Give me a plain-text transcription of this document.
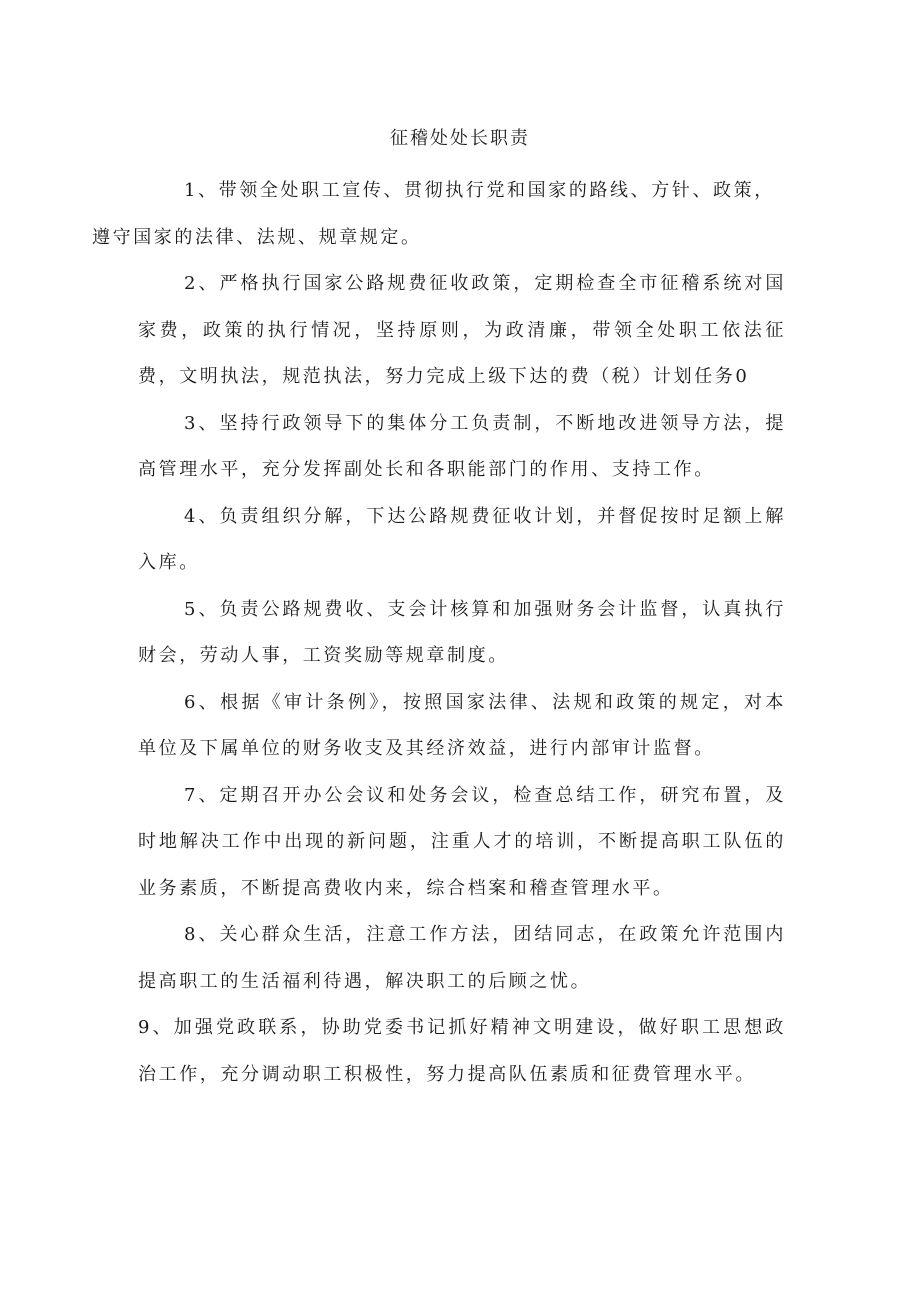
征稽处处长职责

1、带领全处职工宣传、贯彻执行党和国家的路线、方针、政策，
遵守国家的法律、法规、规章规定。

2、严格执行国家公路规费征收政策，定期检查全市征稽系统对国家费，政策的执行情况，坚持原则，为政清廉，带领全处职工依法征费，文明执法，规范执法，努力完成上级下达的费（税）计划任务0

3、坚持行政领导下的集体分工负责制，不断地改进领导方法，提高管理水平，充分发挥副处长和各职能部门的作用、支持工作。

4、负责组织分解，下达公路规费征收计划，并督促按时足额上解入库。

5、负责公路规费收、支会计核算和加强财务会计监督，认真执行财会，劳动人事，工资奖励等规章制度。

6、根据《审计条例》，按照国家法律、法规和政策的规定，对本单位及下属单位的财务收支及其经济效益，进行内部审计监督。

7、定期召开办公会议和处务会议，检查总结工作，研究布置，及时地解决工作中出现的新问题，注重人才的培训，不断提高职工队伍的业务素质，不断提高费收内来，综合档案和稽查管理水平。

8、关心群众生活，注意工作方法，团结同志，在政策允许范围内提高职工的生活福利待遇，解决职工的后顾之忧。

9、加强党政联系，协助党委书记抓好精神文明建设，做好职工思想政治工作，充分调动职工积极性，努力提高队伍素质和征费管理水平。
